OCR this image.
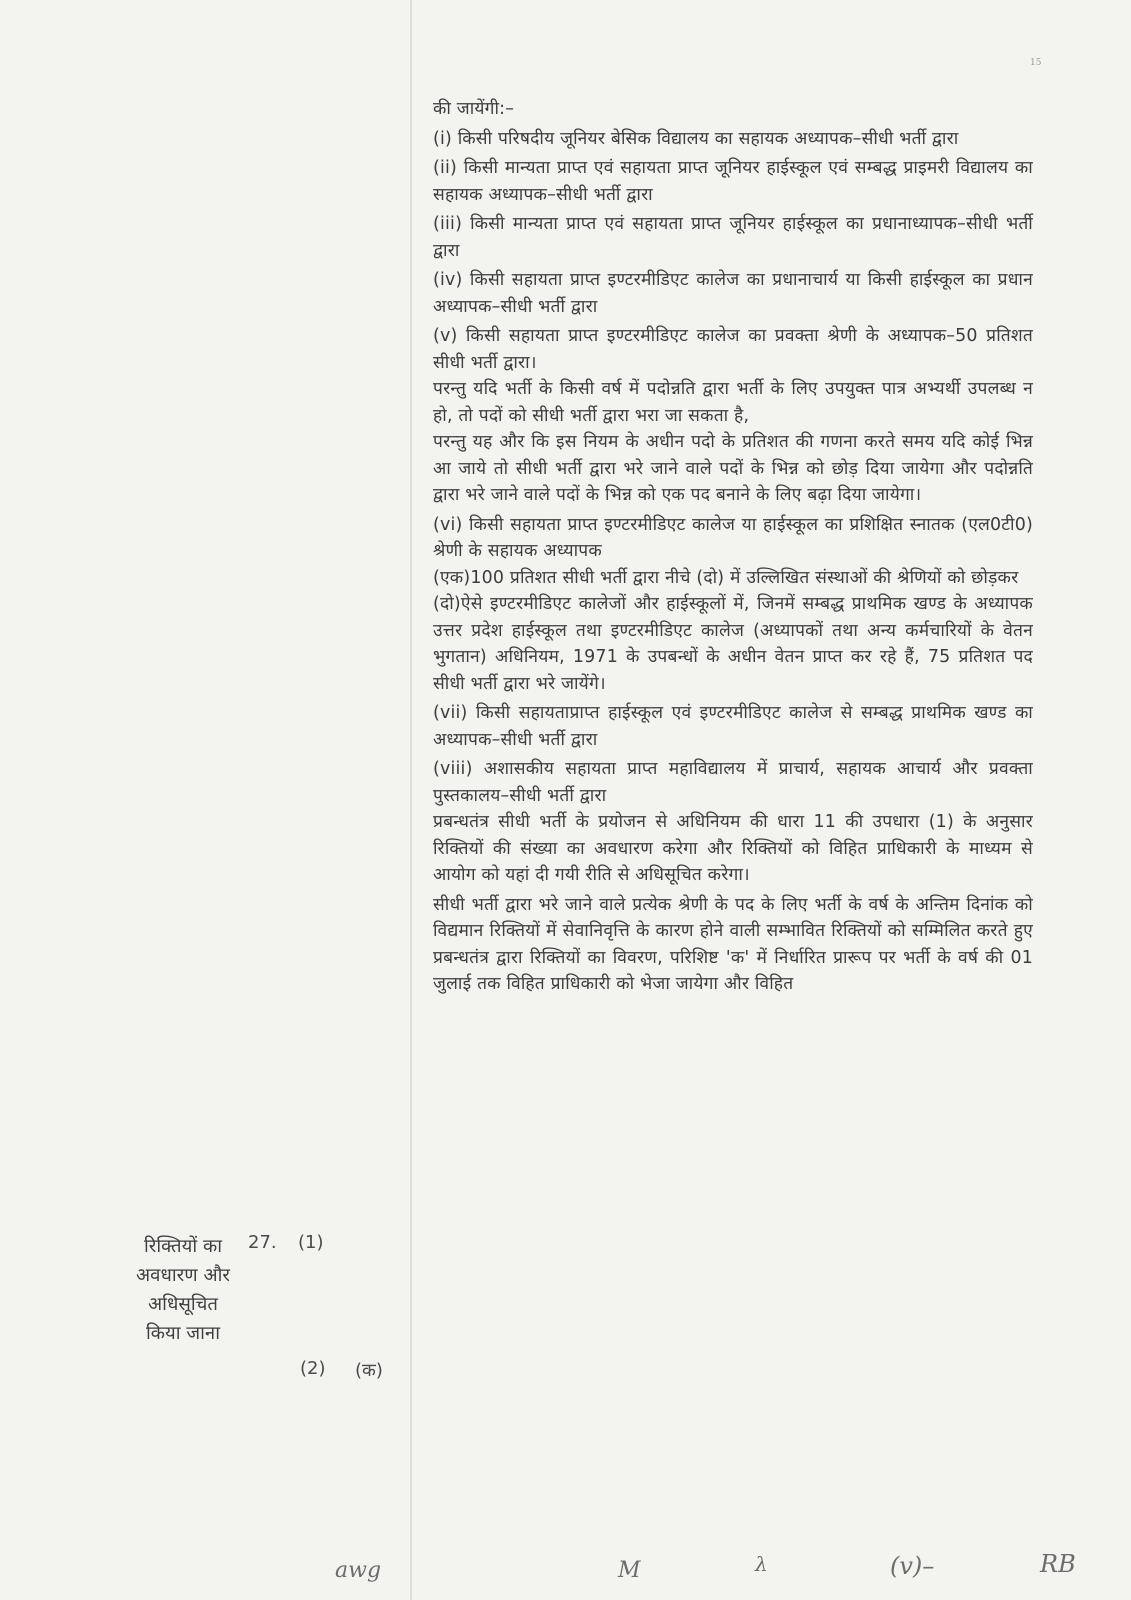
15

की जायेंगी:–

(i) किसी परिषदीय जूनियर बेसिक विद्यालय का सहायक अध्यापक–सीधी भर्ती द्वारा

(ii) किसी मान्यता प्राप्त एवं सहायता प्राप्त जूनियर हाईस्कूल एवं सम्बद्ध प्राइमरी विद्यालय का सहायक अध्यापक–सीधी भर्ती द्वारा

(iii) किसी मान्यता प्राप्त एवं सहायता प्राप्त जूनियर हाईस्कूल का प्रधानाध्यापक–सीधी भर्ती द्वारा

(iv) किसी सहायता प्राप्त इण्टरमीडिएट कालेज का प्रधानाचार्य या किसी हाईस्कूल का प्रधान अध्यापक–सीधी भर्ती द्वारा

(v) किसी सहायता प्राप्त इण्टरमीडिएट कालेज का प्रवक्ता श्रेणी के अध्यापक–50 प्रतिशत सीधी भर्ती द्वारा।

परन्तु यदि भर्ती के किसी वर्ष में पदोन्नति द्वारा भर्ती के लिए उपयुक्त पात्र अभ्यर्थी उपलब्ध न हो, तो पदों को सीधी भर्ती द्वारा भरा जा सकता है,

परन्तु यह और कि इस नियम के अधीन पदो के प्रतिशत की गणना करते समय यदि कोई भिन्न आ जाये तो सीधी भर्ती द्वारा भरे जाने वाले पदों के भिन्न को छोड़ दिया जायेगा और पदोन्नति द्वारा भरे जाने वाले पदों के भिन्न को एक पद बनाने के लिए बढ़ा दिया जायेगा।

(vi) किसी सहायता प्राप्त इण्टरमीडिएट कालेज या हाईस्कूल का प्रशिक्षित स्नातक (एल0टी0) श्रेणी के सहायक अध्यापक

(एक)100 प्रतिशत सीधी भर्ती द्वारा नीचे (दो) में उल्लिखित संस्थाओं की श्रेणियों को छोड़कर

(दो)ऐसे इण्टरमीडिएट कालेजों और हाईस्कूलों में, जिनमें सम्बद्ध प्राथमिक खण्ड के अध्यापक उत्तर प्रदेश हाईस्कूल तथा इण्टरमीडिएट कालेज (अध्यापकों तथा अन्य कर्मचारियों के वेतन भुगतान) अधिनियम, 1971 के उपबन्धों के अधीन वेतन प्राप्त कर रहे हैं, 75 प्रतिशत पद सीधी भर्ती द्वारा भरे जायेंगे।

(vii) किसी सहायताप्राप्त हाईस्कूल एवं इण्टरमीडिएट कालेज से सम्बद्ध प्राथमिक खण्ड का अध्यापक–सीधी भर्ती द्वारा

(viii) अशासकीय सहायता प्राप्त महाविद्यालय में प्राचार्य, सहायक आचार्य और प्रवक्ता पुस्तकालय–सीधी भर्ती द्वारा

प्रबन्धतंत्र सीधी भर्ती के प्रयोजन से अधिनियम की धारा 11 की उपधारा (1) के अनुसार रिक्तियों की संख्या का अवधारण करेगा और रिक्तियों को विहित प्राधिकारी के माध्यम से आयोग को यहां दी गयी रीति से अधिसूचित करेगा।

सीधी भर्ती द्वारा भरे जाने वाले प्रत्येक श्रेणी के पद के लिए भर्ती के वर्ष के अन्तिम दिनांक को विद्यमान रिक्तियों में सेवानिवृत्ति के कारण होने वाली सम्भावित रिक्तियों को सम्मिलित करते हुए प्रबन्धतंत्र द्वारा रिक्तियों का विवरण, परिशिष्ट 'क' में निर्धारित प्रारूप पर भर्ती के वर्ष की 01 जुलाई तक विहित प्राधिकारी को भेजा जायेगा और विहित

रिक्तियों का
अवधारण और
अधिसूचित
किया जाना
27. (1)
(2) (क)
awg	M	λ	(v)–	RB
